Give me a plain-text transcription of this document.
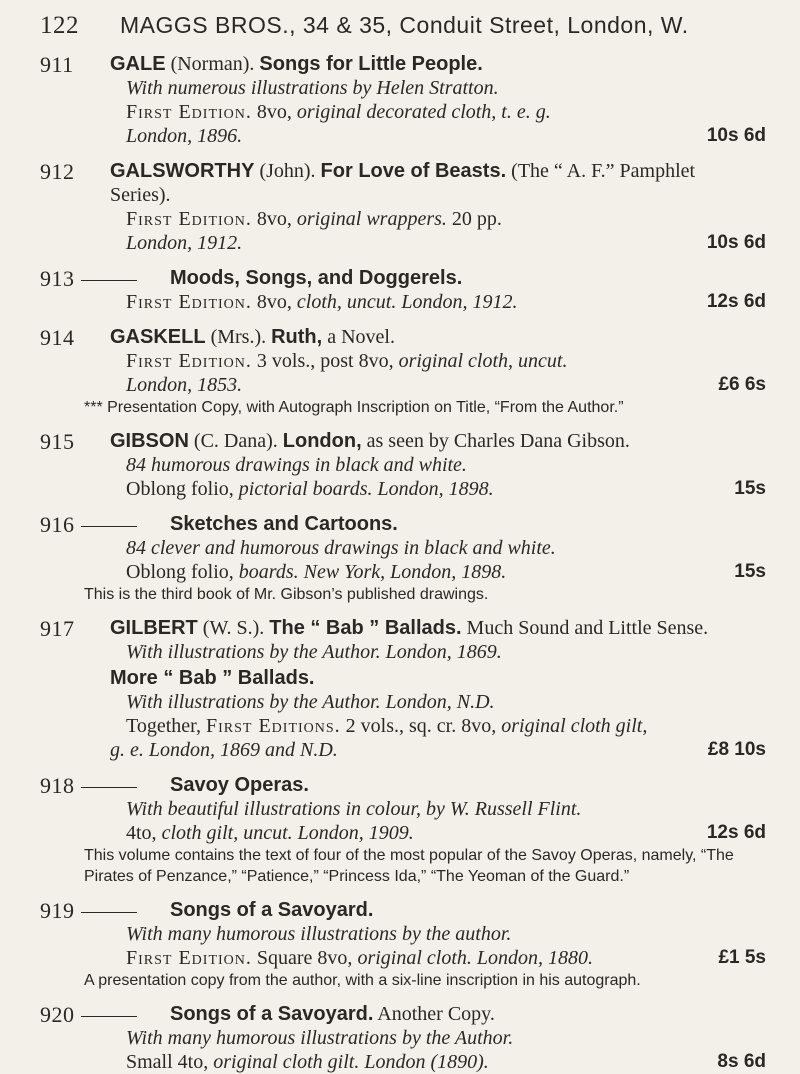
122	MAGGS BROS., 34 & 35, Conduit Street, London, W.
911 GALE (Norman). Songs for Little People.
With numerous illustrations by Helen Stratton.
First Edition. 8vo, original decorated cloth, t. e. g.
London, 1896.	10s 6d
912 GALSWORTHY (John). For Love of Beasts. (The “ A. F.” Pamphlet
Series).
First Edition. 8vo, original wrappers. 20 pp.
London, 1912.	10s 6d
913	Moods, Songs, and Doggerels.
First Edition. 8vo, cloth, uncut. London, 1912.	12s 6d
914 GASKELL (Mrs.). Ruth, a Novel.
First Edition. 3 vols., post 8vo, original cloth, uncut.
London, 1853.	£6 6s
*** Presentation Copy, with Autograph Inscription on Title, “From the Author.”
915 GIBSON (C. Dana). London, as seen by Charles Dana Gibson.
84 humorous drawings in black and white.
Oblong folio, pictorial boards. London, 1898.	15s
916	Sketches and Cartoons.
84 clever and humorous drawings in black and white.
Oblong folio, boards. New York, London, 1898.	15s
This is the third book of Mr. Gibson’s published drawings.
917 GILBERT (W. S.). The “ Bab ” Ballads. Much Sound and Little Sense.
With illustrations by the Author. London, 1869.
More “ Bab ” Ballads.
With illustrations by the Author. London, N.D.
Together, First Editions. 2 vols., sq. cr. 8vo, original cloth gilt,
g. e. London, 1869 and N.D.	£8 10s
918	Savoy Operas.
With beautiful illustrations in colour, by W. Russell Flint.
4to, cloth gilt, uncut. London, 1909.	12s 6d
This volume contains the text of four of the most popular of the Savoy Operas, namely, “The Pirates of Penzance,” “Patience,” “Princess Ida,” “The Yeoman of the Guard.”
919	Songs of a Savoyard.
With many humorous illustrations by the author.
First Edition. Square 8vo, original cloth. London, 1880.	£1 5s
A presentation copy from the author, with a six-line inscription in his autograph.
920	Songs of a Savoyard. Another Copy.
With many humorous illustrations by the Author.
Small 4to, original cloth gilt. London (1890).	8s 6d
